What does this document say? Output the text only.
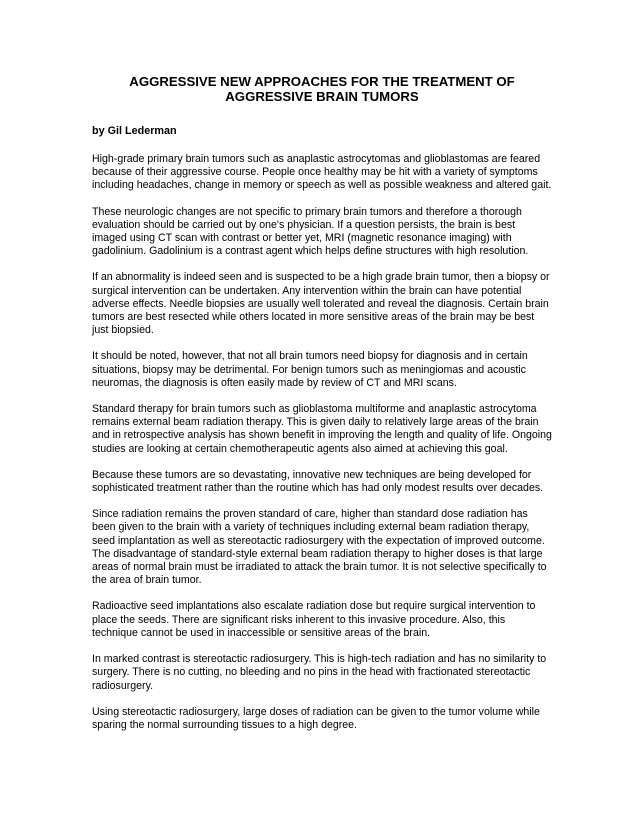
AGGRESSIVE NEW APPROACHES FOR THE TREATMENT OF
AGGRESSIVE BRAIN TUMORS

by Gil Lederman

High-grade primary brain tumors such as anaplastic astrocytomas and glioblastomas are feared because of their aggressive course. People once healthy may be hit with a variety of symptoms including headaches, change in memory or speech as well as possible weakness and altered gait.

These neurologic changes are not specific to primary brain tumors and therefore a thorough evaluation should be carried out by one's physician. If a question persists, the brain is best imaged using CT scan with contrast or better yet, MRI (magnetic resonance imaging) with gadolinium. Gadolinium is a contrast agent which helps define structures with high resolution.

If an abnormality is indeed seen and is suspected to be a high grade brain tumor, then a biopsy or surgical intervention can be undertaken. Any intervention within the brain can have potential adverse effects. Needle biopsies are usually well tolerated and reveal the diagnosis. Certain brain tumors are best resected while others located in more sensitive areas of the brain may be best just biopsied.

It should be noted, however, that not all brain tumors need biopsy for diagnosis and in certain situations, biopsy may be detrimental. For benign tumors such as meningiomas and acoustic neuromas, the diagnosis is often easily made by review of CT and MRI scans.

Standard therapy for brain tumors such as glioblastoma multiforme and anaplastic astrocytoma remains external beam radiation therapy. This is given daily to relatively large areas of the brain and in retrospective analysis has shown benefit in improving the length and quality of life. Ongoing studies are looking at certain chemotherapeutic agents also aimed at achieving this goal.

Because these tumors are so devastating, innovative new techniques are being developed for sophisticated treatment rather than the routine which has had only modest results over decades.

Since radiation remains the proven standard of care, higher than standard dose radiation has been given to the brain with a variety of techniques including external beam radiation therapy, seed implantation as well as stereotactic radiosurgery with the expectation of improved outcome. The disadvantage of standard-style external beam radiation therapy to higher doses is that large areas of normal brain must be irradiated to attack the brain tumor. It is not selective specifically to the area of brain tumor.

Radioactive seed implantations also escalate radiation dose but require surgical intervention to place the seeds. There are significant risks inherent to this invasive procedure. Also, this technique cannot be used in inaccessible or sensitive areas of the brain.

In marked contrast is stereotactic radiosurgery. This is high-tech radiation and has no similarity to surgery. There is no cutting, no bleeding and no pins in the head with fractionated stereotactic radiosurgery.

Using stereotactic radiosurgery, large doses of radiation can be given to the tumor volume while sparing the normal surrounding tissues to a high degree.
